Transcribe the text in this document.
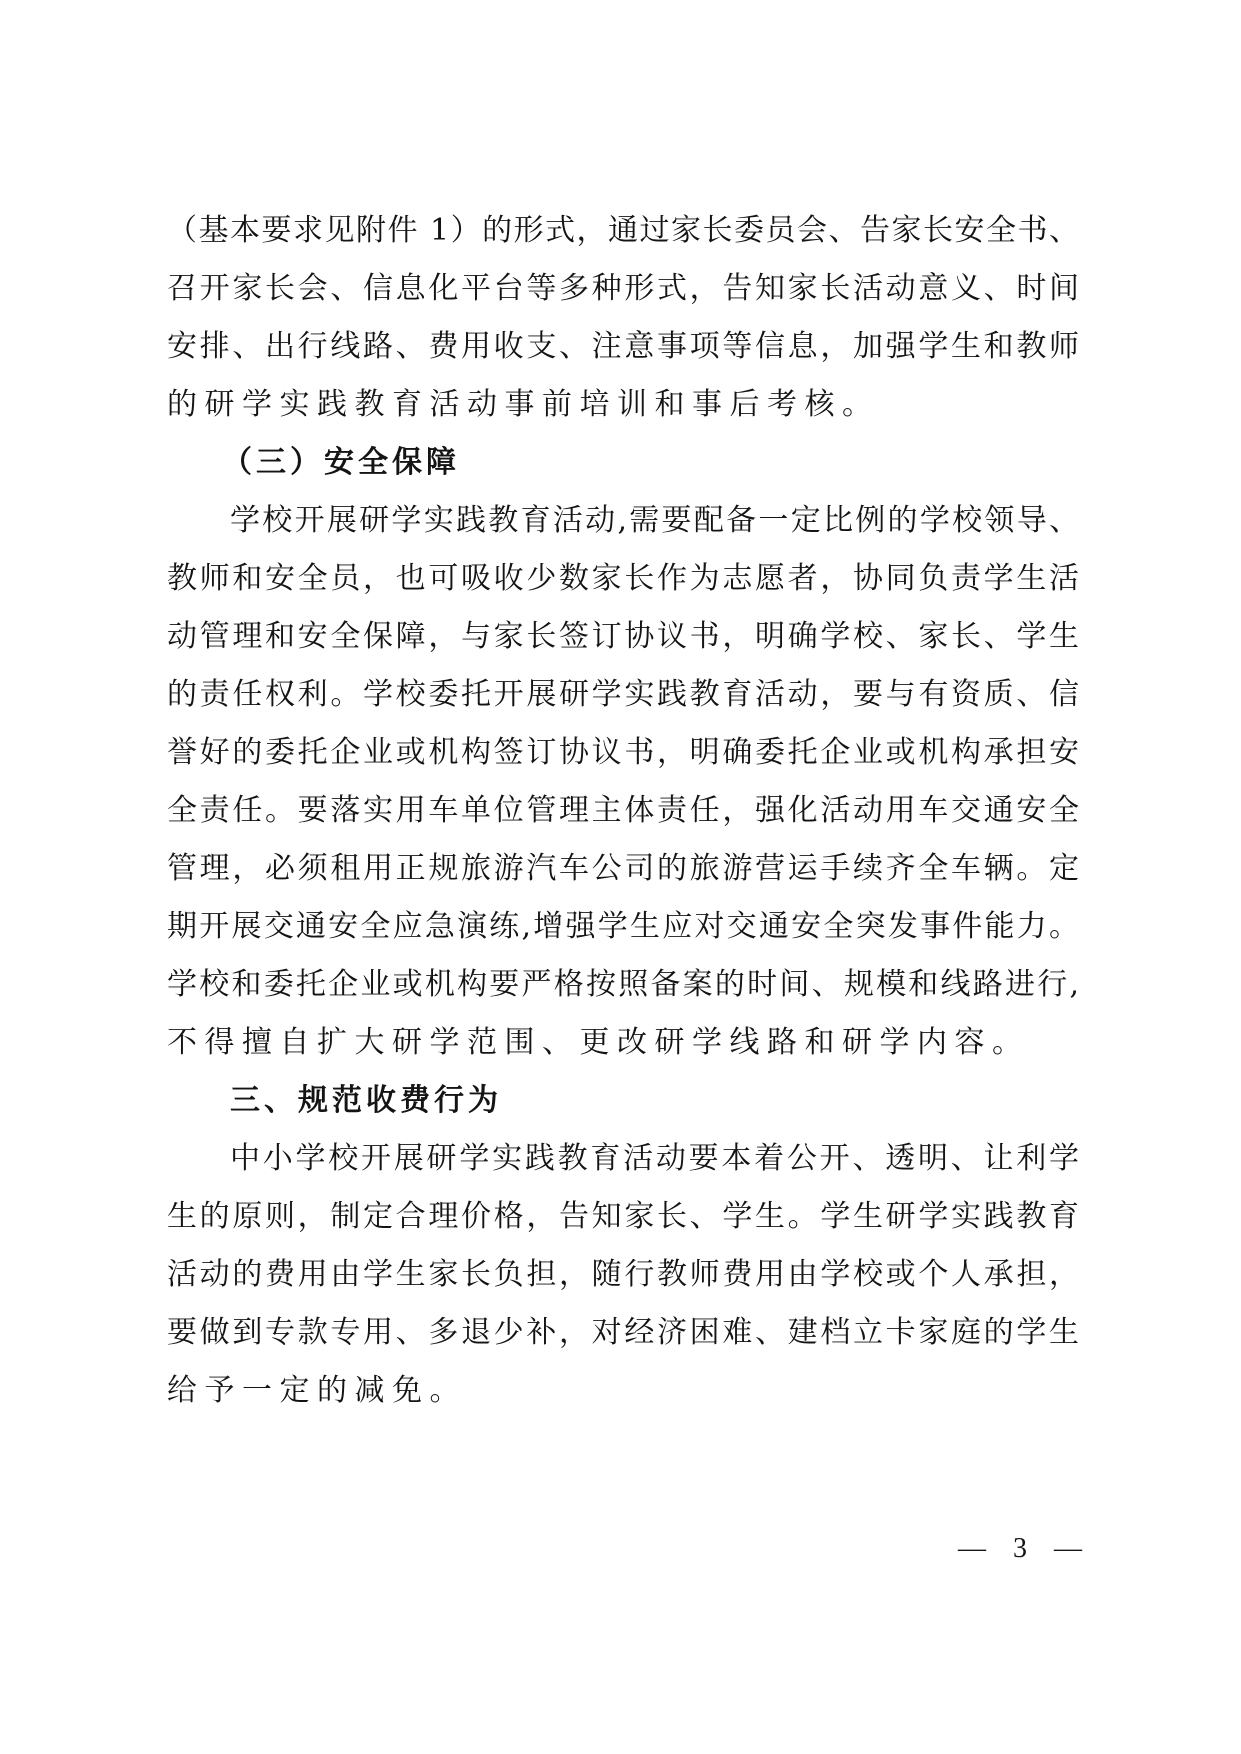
（基本要求见附件 1）的形式，通过家长委员会、告家长安全书、
召开家长会、信息化平台等多种形式，告知家长活动意义、时间
安排、出行线路、费用收支、注意事项等信息，加强学生和教师
的研学实践教育活动事前培训和事后考核。
（三）安全保障
学校开展研学实践教育活动,需要配备一定比例的学校领导、
教师和安全员，也可吸收少数家长作为志愿者，协同负责学生活
动管理和安全保障，与家长签订协议书，明确学校、家长、学生
的责任权利。学校委托开展研学实践教育活动，要与有资质、信
誉好的委托企业或机构签订协议书，明确委托企业或机构承担安
全责任。要落实用车单位管理主体责任，强化活动用车交通安全
管理，必须租用正规旅游汽车公司的旅游营运手续齐全车辆。定
期开展交通安全应急演练,增强学生应对交通安全突发事件能力。
学校和委托企业或机构要严格按照备案的时间、规模和线路进行,
不得擅自扩大研学范围、更改研学线路和研学内容。
三、规范收费行为
中小学校开展研学实践教育活动要本着公开、透明、让利学
生的原则，制定合理价格，告知家长、学生。学生研学实践教育
活动的费用由学生家长负担，随行教师费用由学校或个人承担，
要做到专款专用、多退少补，对经济困难、建档立卡家庭的学生
给予一定的减免。
— 3 —
